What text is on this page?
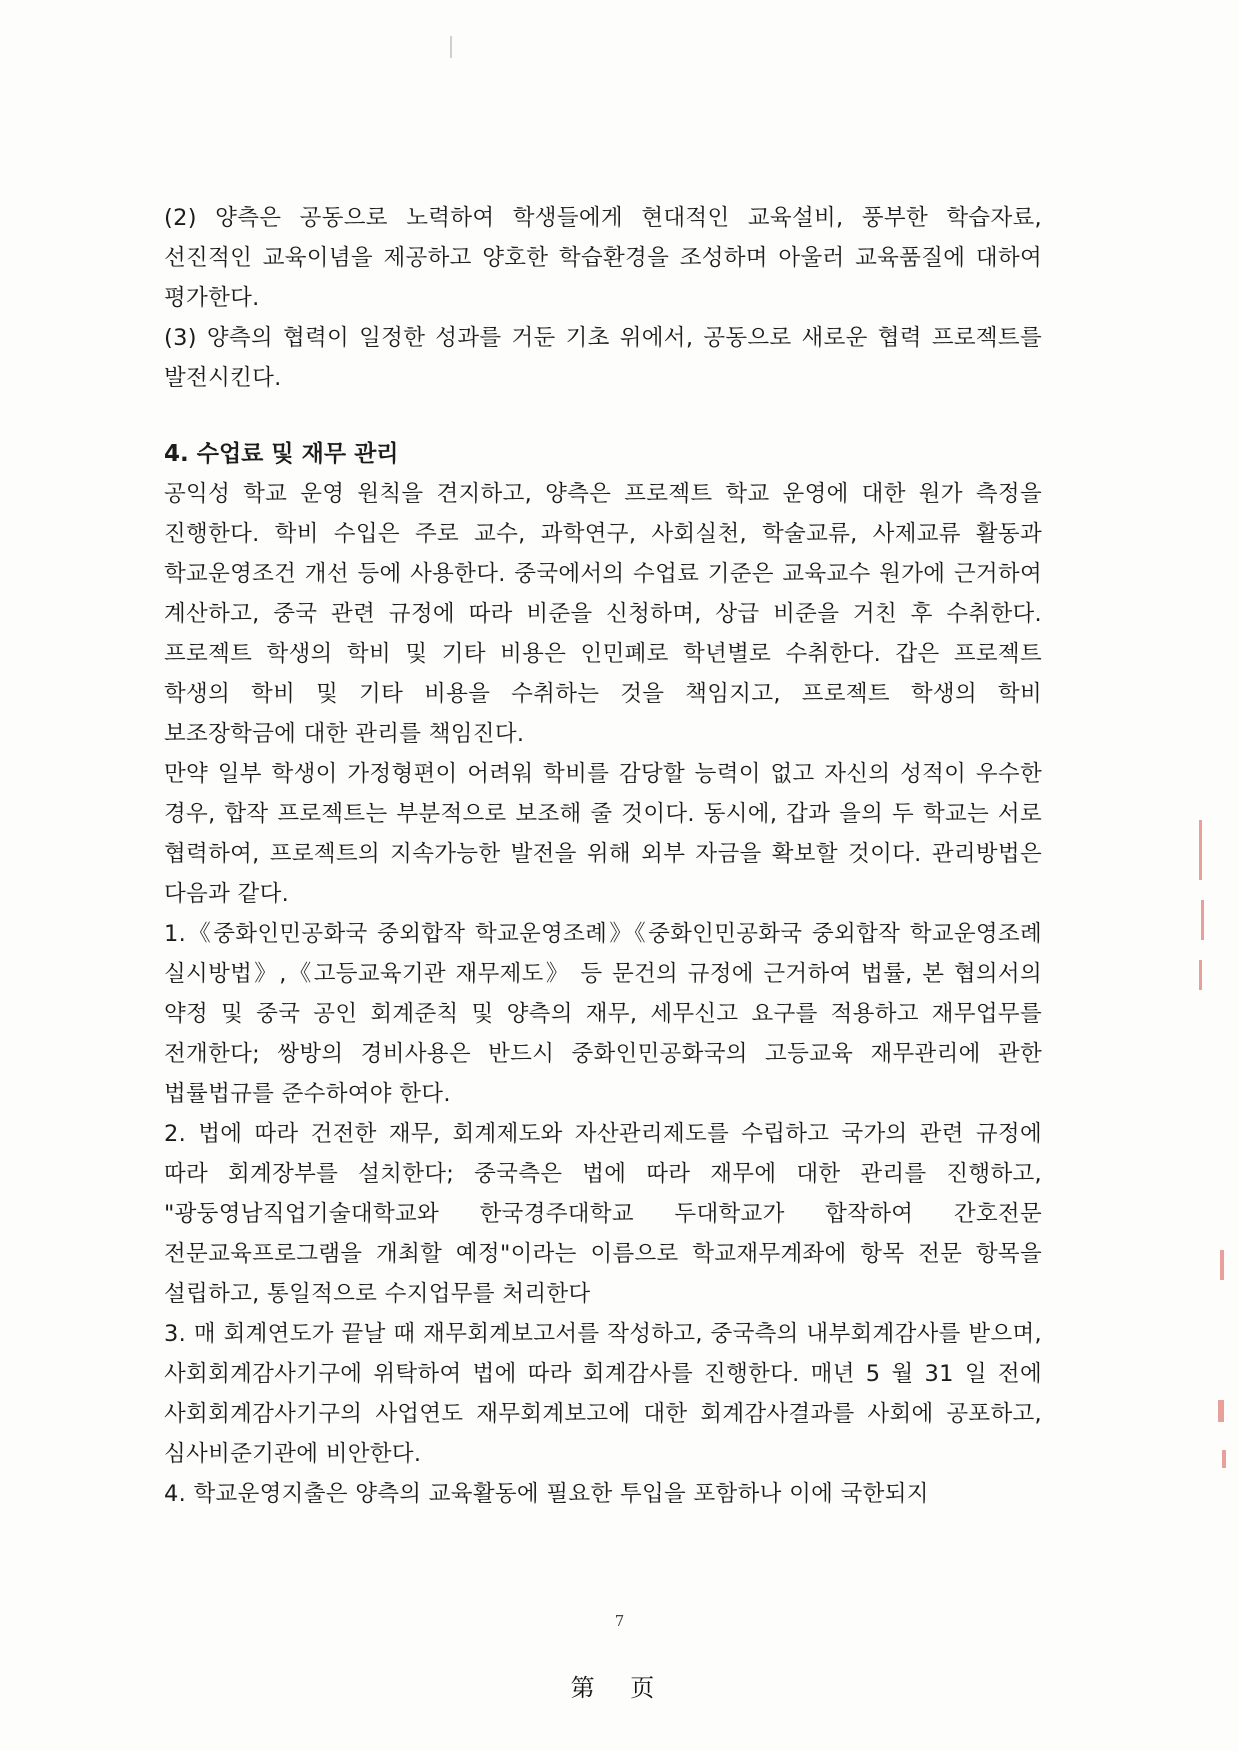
(2) 양측은 공동으로 노력하여 학생들에게 현대적인 교육설비, 풍부한 학습자료, 선진적인 교육이념을 제공하고 양호한 학습환경을 조성하며 아울러 교육품질에 대하여 평가한다.

(3) 양측의 협력이 일정한 성과를 거둔 기초 위에서, 공동으로 새로운 협력 프로젝트를 발전시킨다.

4. 수업료 및 재무 관리

공익성 학교 운영 원칙을 견지하고, 양측은 프로젝트 학교 운영에 대한 원가 측정을 진행한다. 학비 수입은 주로 교수, 과학연구, 사회실천, 학술교류, 사제교류 활동과 학교운영조건 개선 등에 사용한다. 중국에서의 수업료 기준은 교육교수 원가에 근거하여 계산하고, 중국 관련 규정에 따라 비준을 신청하며, 상급 비준을 거친 후 수취한다. 프로젝트 학생의 학비 및 기타 비용은 인민폐로 학년별로 수취한다. 갑은 프로젝트 학생의 학비 및 기타 비용을 수취하는 것을 책임지고, 프로젝트 학생의 학비 보조장학금에 대한 관리를 책임진다.

만약 일부 학생이 가정형편이 어려워 학비를 감당할 능력이 없고 자신의 성적이 우수한 경우, 합작 프로젝트는 부분적으로 보조해 줄 것이다. 동시에, 갑과 을의 두 학교는 서로 협력하여, 프로젝트의 지속가능한 발전을 위해 외부 자금을 확보할 것이다. 관리방법은 다음과 같다.

1.《중화인민공화국 중외합작 학교운영조례》《중화인민공화국 중외합작 학교운영조례 실시방법》,《고등교육기관 재무제도》 등 문건의 규정에 근거하여 법률, 본 협의서의 약정 및 중국 공인 회계준칙 및 양측의 재무, 세무신고 요구를 적용하고 재무업무를 전개한다; 쌍방의 경비사용은 반드시 중화인민공화국의 고등교육 재무관리에 관한 법률법규를 준수하여야 한다.

2. 법에 따라 건전한 재무, 회계제도와 자산관리제도를 수립하고 국가의 관련 규정에 따라 회계장부를 설치한다; 중국측은 법에 따라 재무에 대한 관리를 진행하고, "광둥영남직업기술대학교와 한국경주대학교 두대학교가 합작하여 간호전문 전문교육프로그램을 개최할 예정"이라는 이름으로 학교재무계좌에 항목 전문 항목을 설립하고, 통일적으로 수지업무를 처리한다

3. 매 회계연도가 끝날 때 재무회계보고서를 작성하고, 중국측의 내부회계감사를 받으며, 사회회계감사기구에 위탁하여 법에 따라 회계감사를 진행한다. 매년 5 월 31 일 전에 사회회계감사기구의 사업연도 재무회계보고에 대한 회계감사결과를 사회에 공포하고, 심사비준기관에 비안한다.

4. 학교운영지출은 양측의 교육활동에 필요한 투입을 포함하나 이에 국한되지

7
第 页
